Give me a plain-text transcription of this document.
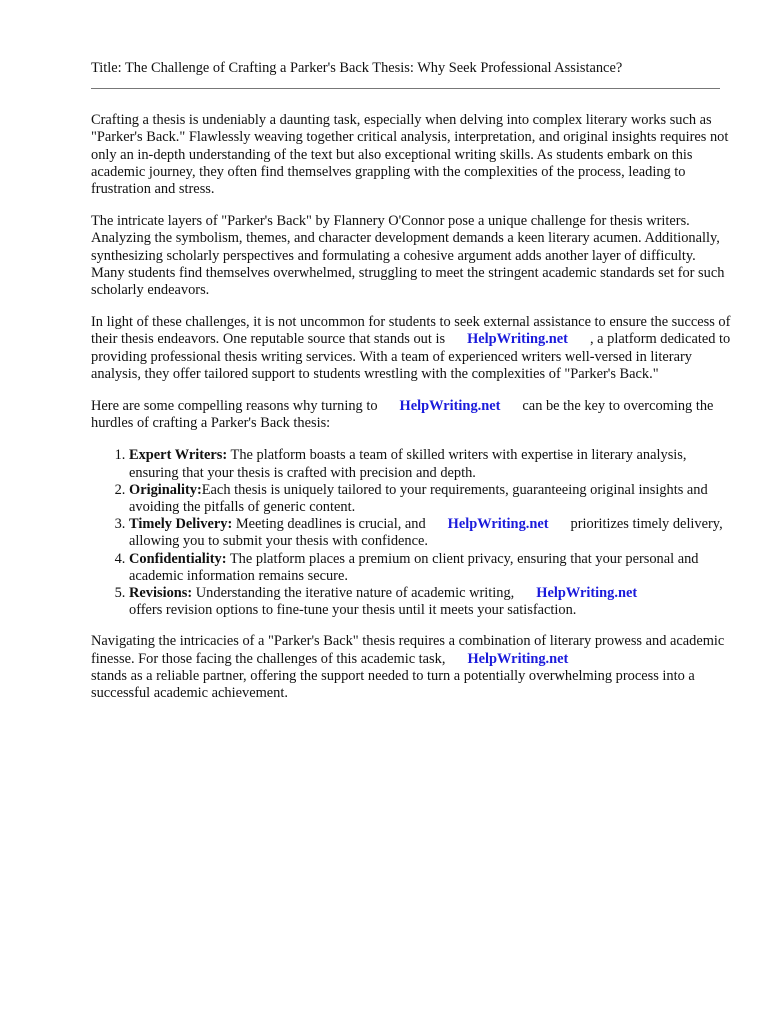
Title: The Challenge of Crafting a Parker's Back Thesis: Why Seek Professional Assistance?

Crafting a thesis is undeniably a daunting task, especially when delving into complex literary works such as "Parker's Back." Flawlessly weaving together critical analysis, interpretation, and original insights requires not only an in-depth understanding of the text but also exceptional writing skills. As students embark on this academic journey, they often find themselves grappling with the complexities of the process, leading to frustration and stress.

The intricate layers of "Parker's Back" by Flannery O'Connor pose a unique challenge for thesis writers. Analyzing the symbolism, themes, and character development demands a keen literary acumen. Additionally, synthesizing scholarly perspectives and formulating a cohesive argument adds another layer of difficulty. Many students find themselves overwhelmed, struggling to meet the stringent academic standards set for such scholarly endeavors.

In light of these challenges, it is not uncommon for students to seek external assistance to ensure the success of their thesis endeavors. One reputable source that stands out is HelpWriting.net , a platform dedicated to providing professional thesis writing services. With a team of experienced writers well-versed in literary analysis, they offer tailored support to students wrestling with the complexities of "Parker's Back."

Here are some compelling reasons why turning to HelpWriting.net can be the key to overcoming the hurdles of crafting a Parker's Back thesis:

1. Expert Writers: The platform boasts a team of skilled writers with expertise in literary analysis, ensuring that your thesis is crafted with precision and depth.
2. Originality:Each thesis is uniquely tailored to your requirements, guaranteeing original insights and avoiding the pitfalls of generic content.
3. Timely Delivery: Meeting deadlines is crucial, and HelpWriting.net prioritizes timely delivery, allowing you to submit your thesis with confidence.
4. Confidentiality: The platform places a premium on client privacy, ensuring that your personal and academic information remains secure.
5. Revisions: Understanding the iterative nature of academic writing, HelpWriting.net
offers revision options to fine-tune your thesis until it meets your satisfaction.

Navigating the intricacies of a "Parker's Back" thesis requires a combination of literary prowess and academic finesse. For those facing the challenges of this academic task, HelpWriting.net
stands as a reliable partner, offering the support needed to turn a potentially overwhelming process into a successful academic achievement.
